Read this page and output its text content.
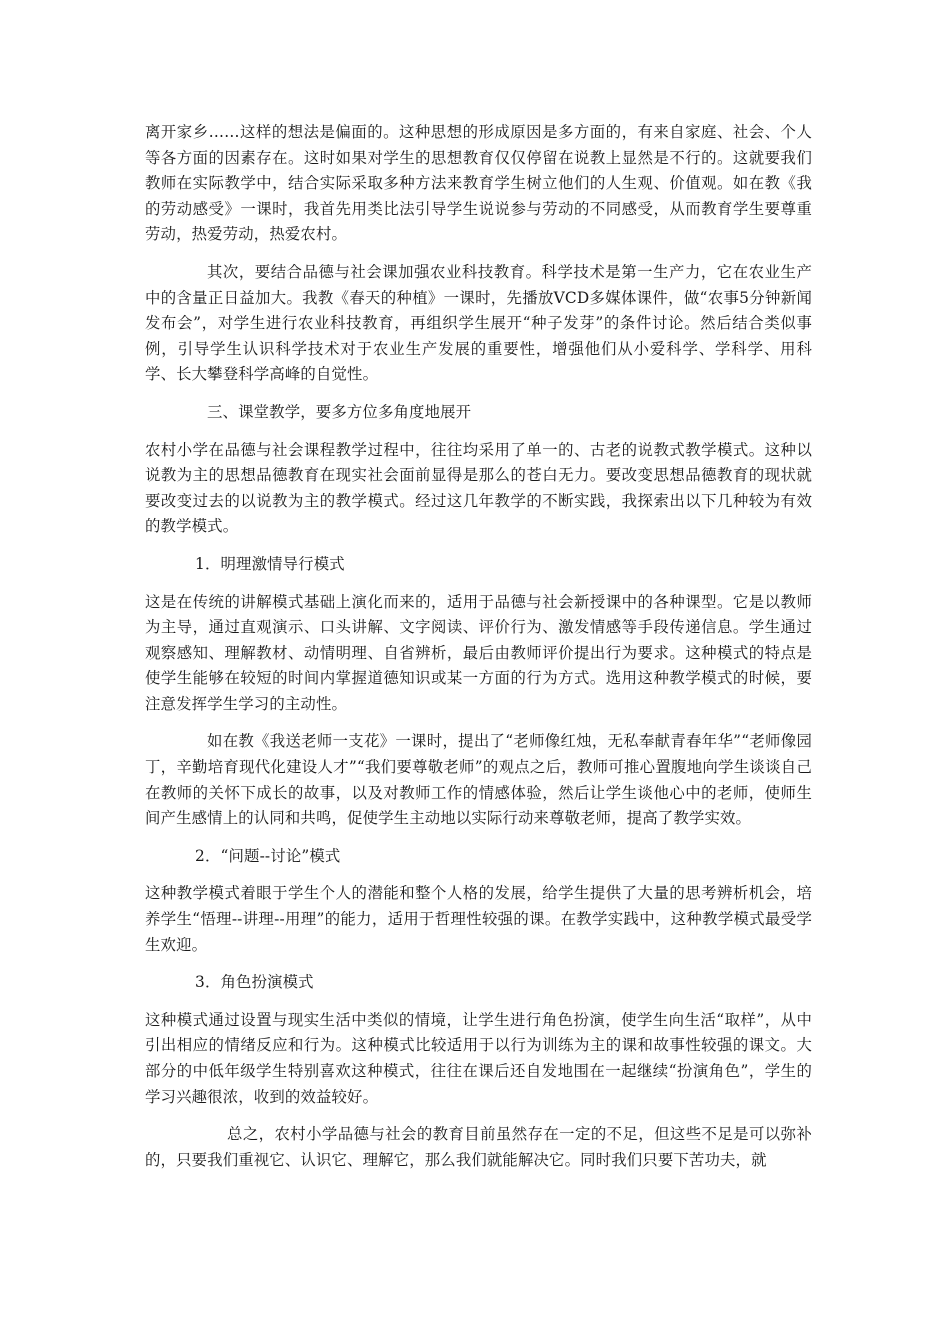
离开家乡……这样的想法是偏面的。这种思想的形成原因是多方面的，有来自家庭、社会、个人等各方面的因素存在。这时如果对学生的思想教育仅仅停留在说教上显然是不行的。这就要我们教师在实际教学中，结合实际采取多种方法来教育学生树立他们的人生观、价值观。如在教《我的劳动感受》一课时，我首先用类比法引导学生说说参与劳动的不同感受，从而教育学生要尊重劳动，热爱劳动，热爱农村。

其次，要结合品德与社会课加强农业科技教育。科学技术是第一生产力，它在农业生产中的含量正日益加大。我教《春天的种植》一课时，先播放VCD多媒体课件，做“农事5分钟新闻发布会”，对学生进行农业科技教育，再组织学生展开“种子发芽”的条件讨论。然后结合类似事例，引导学生认识科学技术对于农业生产发展的重要性，增强他们从小爱科学、学科学、用科学、长大攀登科学高峰的自觉性。

三、课堂教学，要多方位多角度地展开

农村小学在品德与社会课程教学过程中，往往均采用了单一的、古老的说教式教学模式。这种以说教为主的思想品德教育在现实社会面前显得是那么的苍白无力。要改变思想品德教育的现状就要改变过去的以说教为主的教学模式。经过这几年教学的不断实践，我探索出以下几种较为有效的教学模式。

1．明理激情导行模式

这是在传统的讲解模式基础上演化而来的，适用于品德与社会新授课中的各种课型。它是以教师为主导，通过直观演示、口头讲解、文字阅读、评价行为、激发情感等手段传递信息。学生通过观察感知、理解教材、动情明理、自省辨析，最后由教师评价提出行为要求。这种模式的特点是使学生能够在较短的时间内掌握道德知识或某一方面的行为方式。选用这种教学模式的时候，要注意发挥学生学习的主动性。

如在教《我送老师一支花》一课时，提出了“老师像红烛，无私奉献青春年华”“老师像园丁，辛勤培育现代化建设人才”“我们要尊敬老师”的观点之后，教师可推心置腹地向学生谈谈自己在教师的关怀下成长的故事，以及对教师工作的情感体验，然后让学生谈他心中的老师，使师生间产生感情上的认同和共鸣，促使学生主动地以实际行动来尊敬老师，提高了教学实效。

2．“问题--讨论”模式

这种教学模式着眼于学生个人的潜能和整个人格的发展，给学生提供了大量的思考辨析机会，培养学生“悟理--讲理--用理”的能力，适用于哲理性较强的课。在教学实践中，这种教学模式最受学生欢迎。

3．角色扮演模式

这种模式通过设置与现实生活中类似的情境，让学生进行角色扮演，使学生向生活“取样”，从中引出相应的情绪反应和行为。这种模式比较适用于以行为训练为主的课和故事性较强的课文。大部分的中低年级学生特别喜欢这种模式，往往在课后还自发地围在一起继续“扮演角色”，学生的学习兴趣很浓，收到的效益较好。

总之，农村小学品德与社会的教育目前虽然存在一定的不足，但这些不足是可以弥补的，只要我们重视它、认识它、理解它，那么我们就能解决它。同时我们只要下苦功夫，就
